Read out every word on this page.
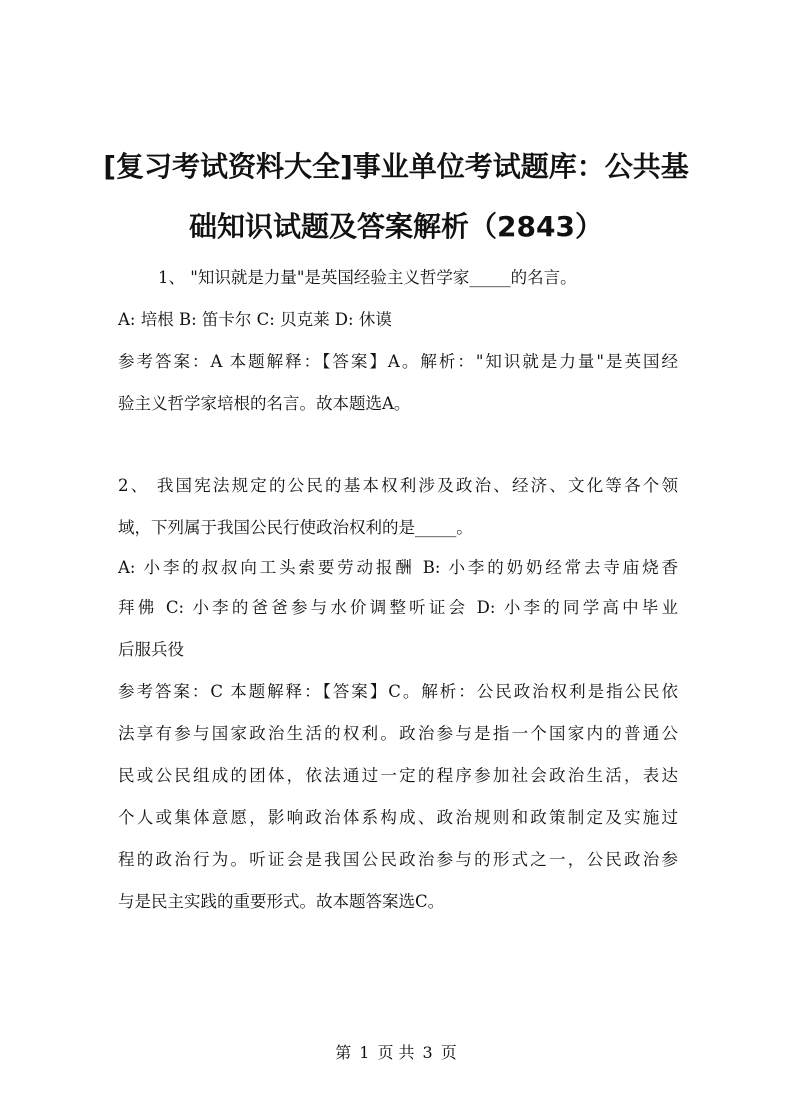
[复习考试资料大全]事业单位考试题库：公共基
础知识试题及答案解析（2843）

1、 "知识就是力量"是英国经验主义哲学家_____的名言。

A: 培根 B: 笛卡尔 C: 贝克莱 D: 休谟

参考答案：A 本题解释：【答案】A。解析："知识就是力量"是英国经

验主义哲学家培根的名言。故本题选A。

2、 我国宪法规定的公民的基本权利涉及政治、经济、文化等各个领

域，下列属于我国公民行使政治权利的是_____。

A: 小李的叔叔向工头索要劳动报酬 B: 小李的奶奶经常去寺庙烧香

拜佛 C: 小李的爸爸参与水价调整听证会 D: 小李的同学高中毕业

后服兵役

参考答案：C 本题解释：【答案】C。解析：公民政治权利是指公民依

法享有参与国家政治生活的权利。政治参与是指一个国家内的普通公

民或公民组成的团体，依法通过一定的程序参加社会政治生活，表达

个人或集体意愿，影响政治体系构成、政治规则和政策制定及实施过

程的政治行为。听证会是我国公民政治参与的形式之一，公民政治参

与是民主实践的重要形式。故本题答案选C。

第 1 页 共 3 页
